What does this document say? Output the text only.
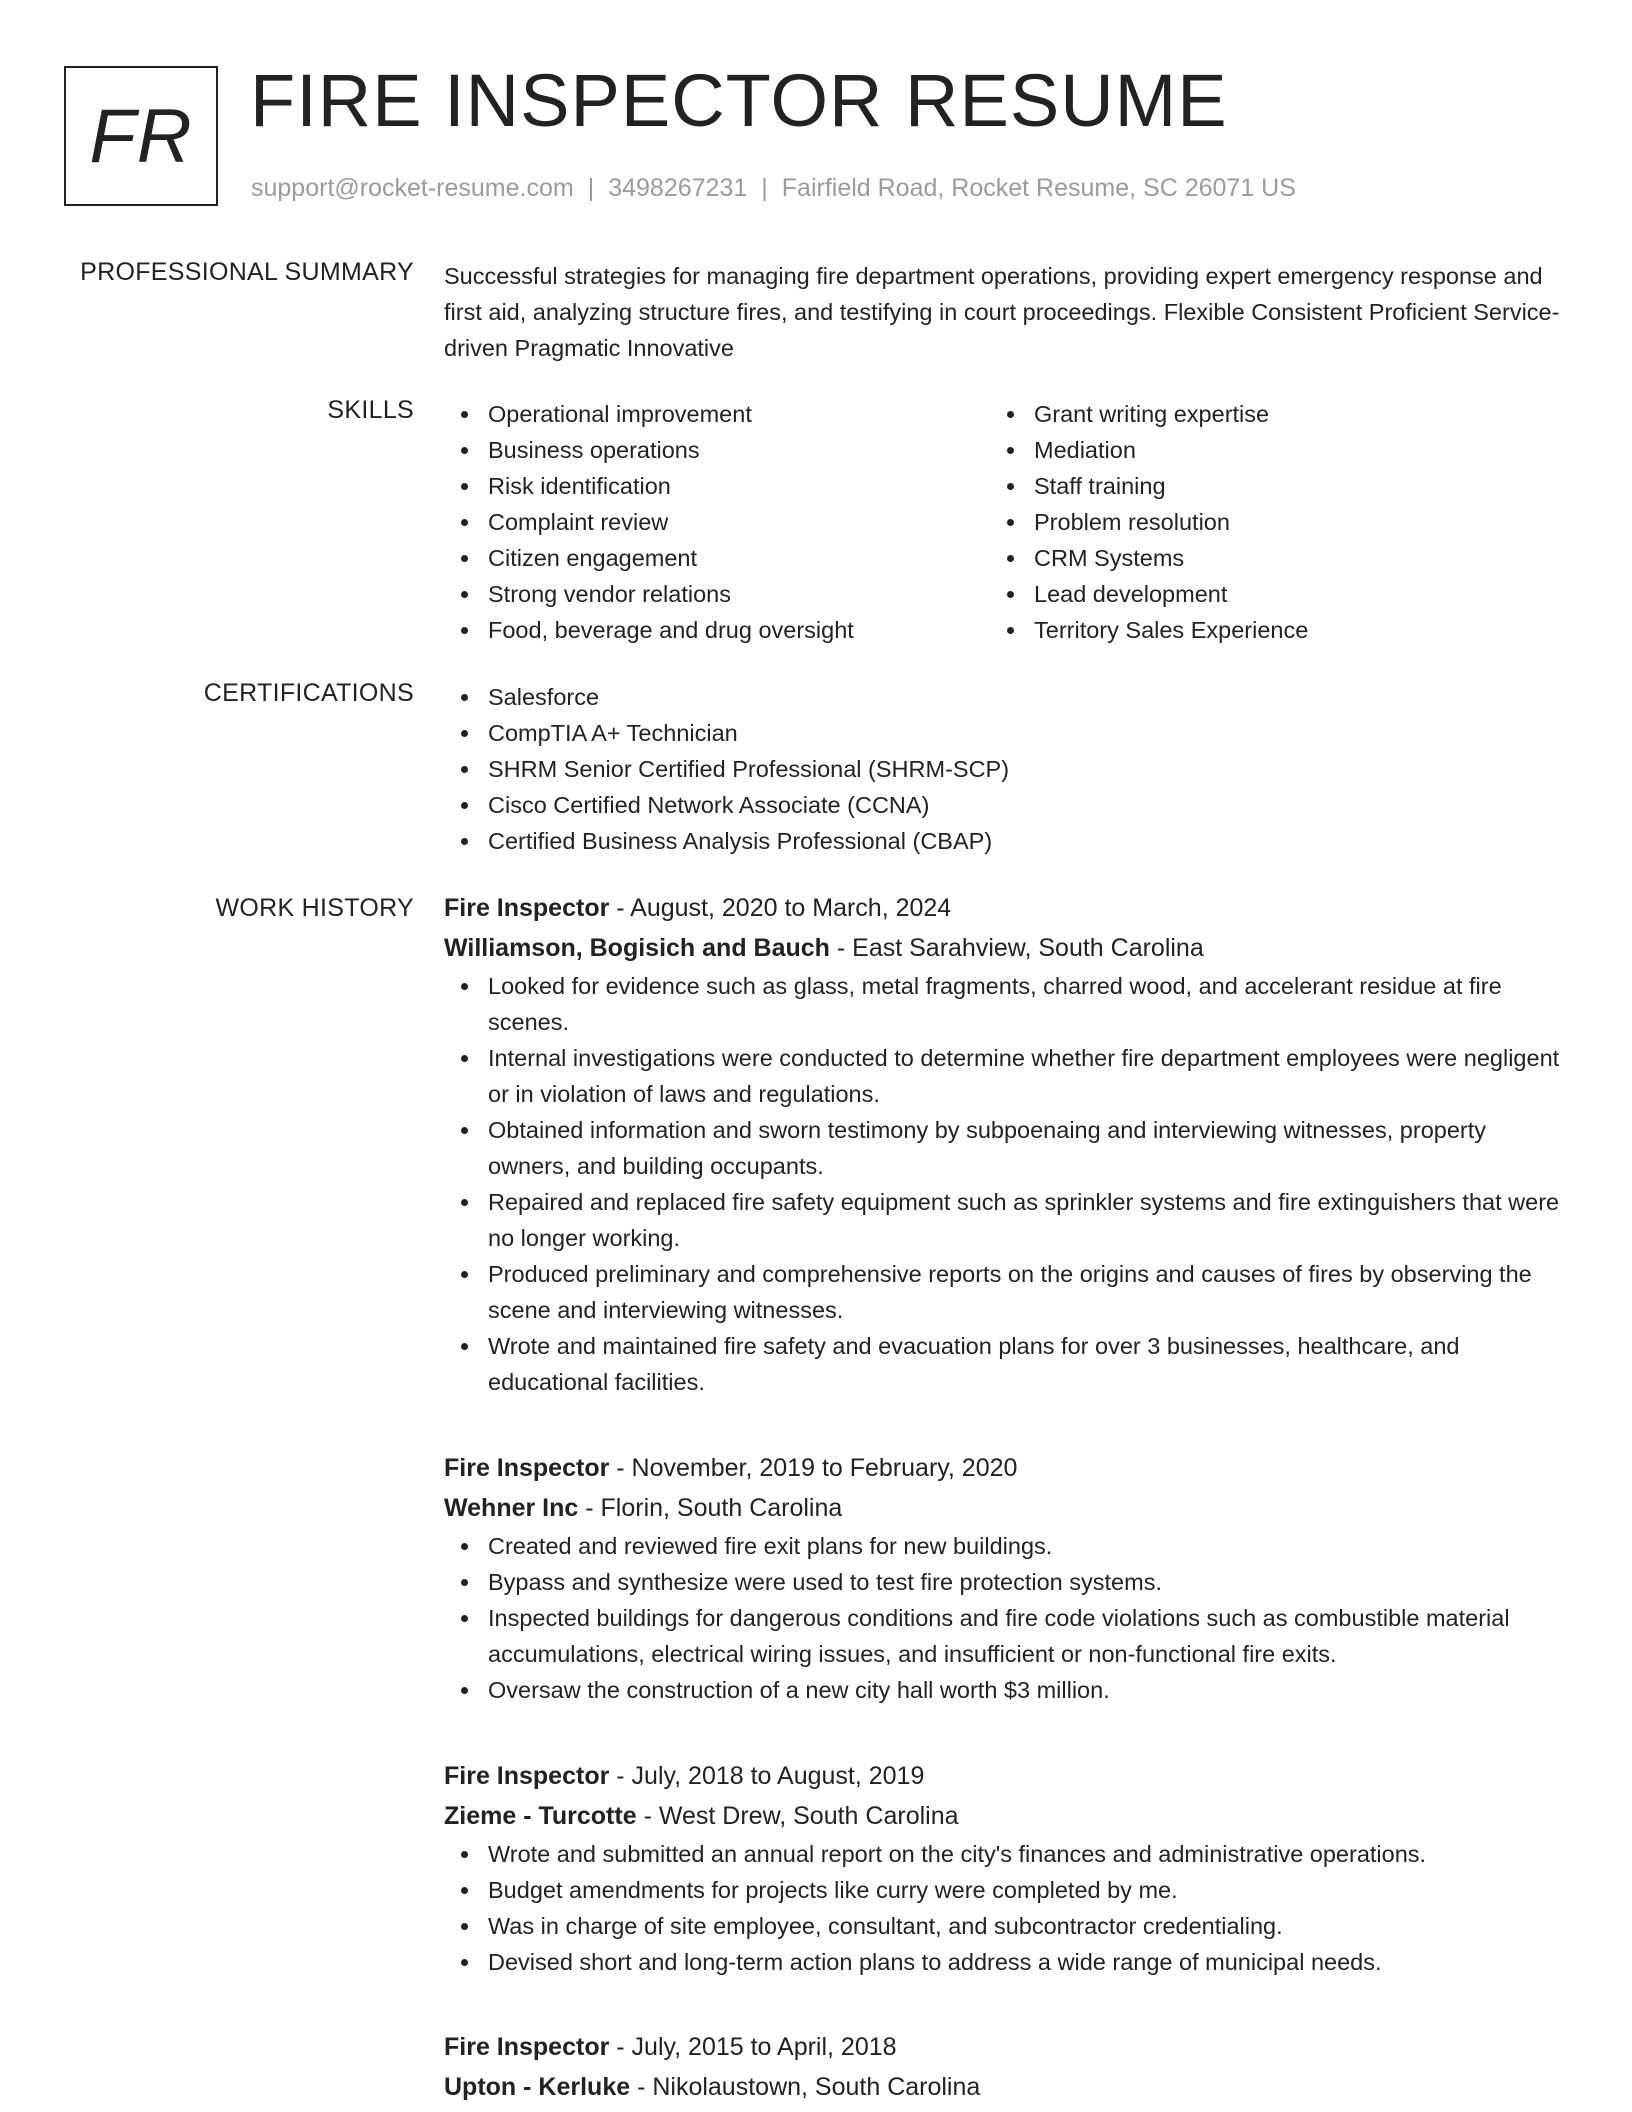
FR FIRE INSPECTOR RESUME
support@rocket-resume.com | 3498267231 | Fairfield Road, Rocket Resume, SC 26071 US
PROFESSIONAL SUMMARY Successful strategies for managing fire department operations, providing expert emergency response and first aid, analyzing structure fires, and testifying in court proceedings. Flexible Consistent Proficient Service-driven Pragmatic Innovative

SKILLS	Operational improvement
Business operations
Risk identification
Complaint review
Citizen engagement
Strong vendor relations
Food, beverage and drug oversight
Grant writing expertise
Mediation
Staff training
Problem resolution
CRM Systems
Lead development
Territory Sales Experience
CERTIFICATIONS	Salesforce
CompTIA A+ Technician
SHRM Senior Certified Professional (SHRM-SCP)
Cisco Certified Network Associate (CCNA)
Certified Business Analysis Professional (CBAP)
WORK HISTORY Fire Inspector - August, 2020 to March, 2024
Williamson, Bogisich and Bauch - East Sarahview, South Carolina
Looked for evidence such as glass, metal fragments, charred wood, and accelerant residue at fire scenes.
Internal investigations were conducted to determine whether fire department employees were negligent or in violation of laws and regulations.
Obtained information and sworn testimony by subpoenaing and interviewing witnesses, property owners, and building occupants.
Repaired and replaced fire safety equipment such as sprinkler systems and fire extinguishers that were no longer working.
Produced preliminary and comprehensive reports on the origins and causes of fires by observing the scene and interviewing witnesses.
Wrote and maintained fire safety and evacuation plans for over 3 businesses, healthcare, and educational facilities.
Fire Inspector - November, 2019 to February, 2020
Wehner Inc - Florin, South Carolina
Created and reviewed fire exit plans for new buildings.
Bypass and synthesize were used to test fire protection systems.
Inspected buildings for dangerous conditions and fire code violations such as combustible material accumulations, electrical wiring issues, and insufficient or non-functional fire exits.
Oversaw the construction of a new city hall worth $3 million.
Fire Inspector - July, 2018 to August, 2019
Zieme - Turcotte - West Drew, South Carolina
Wrote and submitted an annual report on the city's finances and administrative operations.
Budget amendments for projects like curry were completed by me.
Was in charge of site employee, consultant, and subcontractor credentialing.
Devised short and long-term action plans to address a wide range of municipal needs.
Fire Inspector - July, 2015 to April, 2018
Upton - Kerluke - Nikolaustown, South Carolina
